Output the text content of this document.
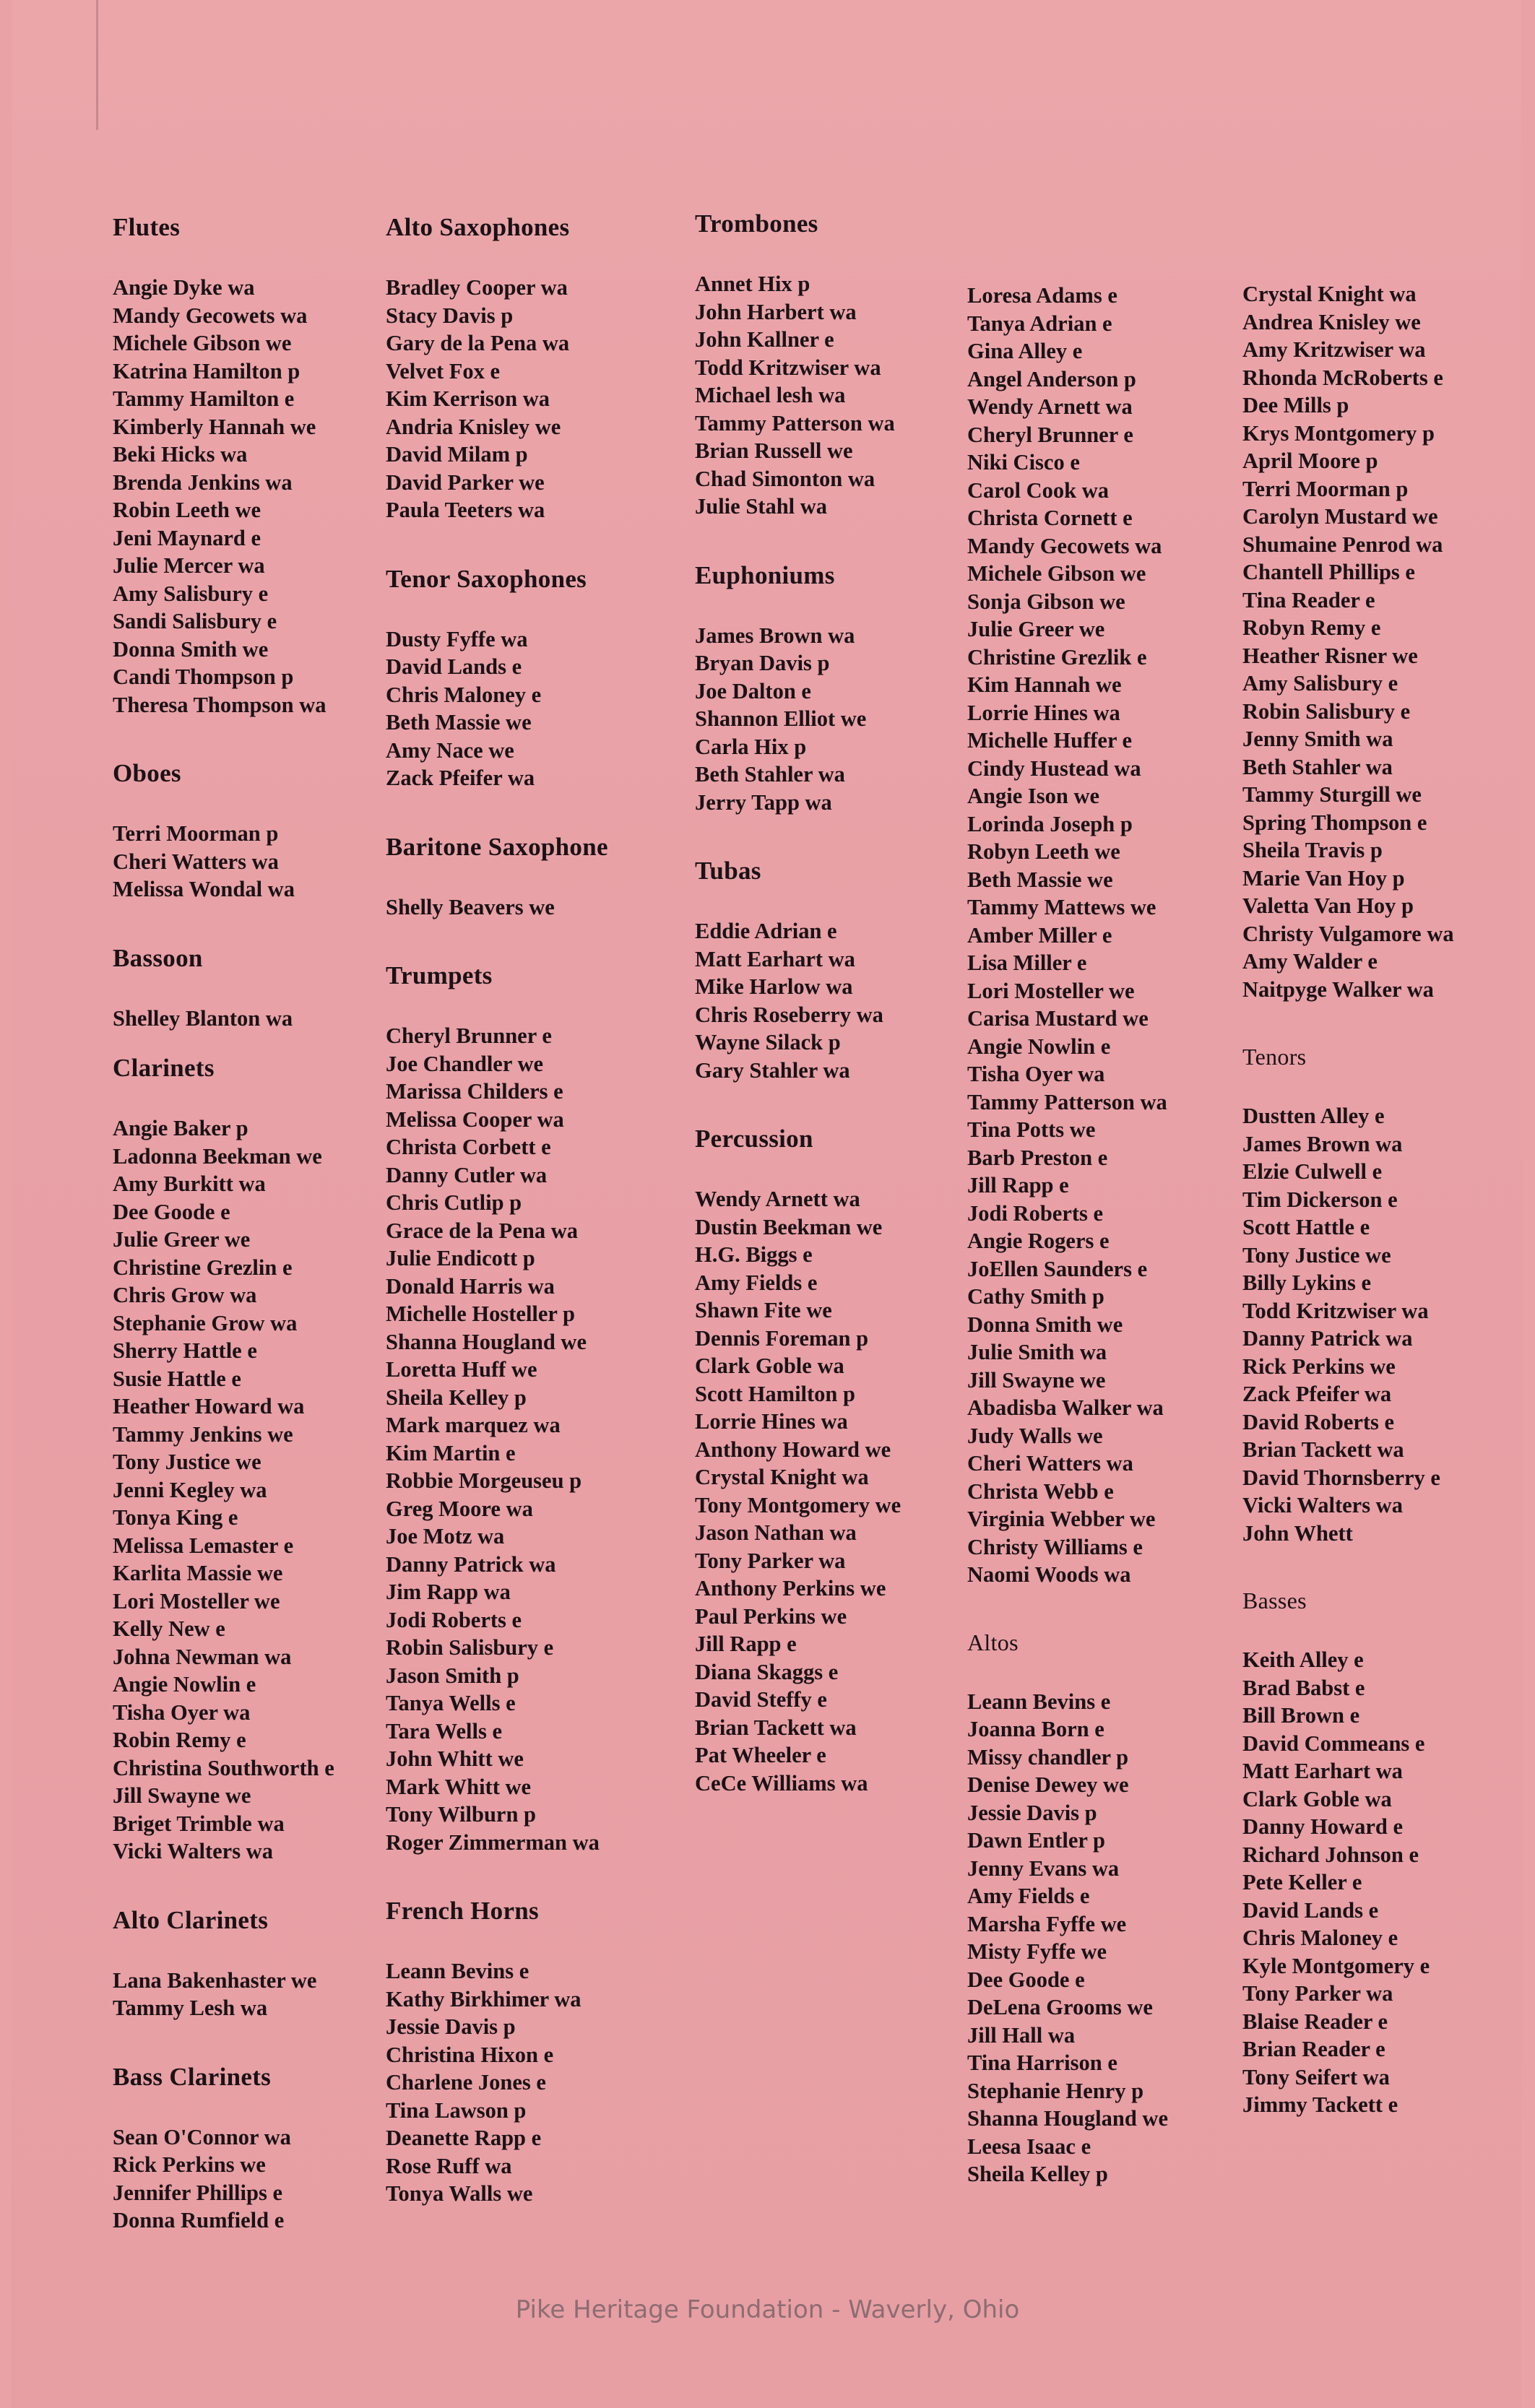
Flutes
Angie Dyke wa
Mandy Gecowets wa
Michele Gibson we
Katrina Hamilton p
Tammy Hamilton e
Kimberly Hannah we
Beki Hicks wa
Brenda Jenkins wa
Robin Leeth we
Jeni Maynard e
Julie Mercer wa
Amy Salisbury e
Sandi Salisbury e
Donna Smith we
Candi Thompson p
Theresa Thompson wa
Oboes
Terri Moorman p
Cheri Watters wa
Melissa Wondal wa
Bassoon
Shelley Blanton wa
Clarinets
Angie Baker p
Ladonna Beekman we
Amy Burkitt wa
Dee Goode e
Julie Greer we
Christine Grezlin e
Chris Grow wa
Stephanie Grow wa
Sherry Hattle e
Susie Hattle e
Heather Howard wa
Tammy Jenkins we
Tony Justice we
Jenni Kegley wa
Tonya King e
Melissa Lemaster e
Karlita Massie we
Lori Mosteller we
Kelly New e
Johna Newman wa
Angie Nowlin e
Tisha Oyer wa
Robin Remy e
Christina Southworth e
Jill Swayne we
Briget Trimble wa
Vicki Walters wa
Alto Clarinets
Lana Bakenhaster we
Tammy Lesh wa
Bass Clarinets
Sean O'Connor wa
Rick Perkins we
Jennifer Phillips e
Donna Rumfield e
Alto Saxophones
Bradley Cooper wa
Stacy Davis p
Gary de la Pena wa
Velvet Fox e
Kim Kerrison wa
Andria Knisley we
David Milam p
David Parker we
Paula Teeters wa
Tenor Saxophones
Dusty Fyffe wa
David Lands e
Chris Maloney e
Beth Massie we
Amy Nace we
Zack Pfeifer wa
Baritone Saxophone
Shelly Beavers we
Trumpets
Cheryl Brunner e
Joe Chandler we
Marissa Childers e
Melissa Cooper wa
Christa Corbett e
Danny Cutler wa
Chris Cutlip p
Grace de la Pena wa
Julie Endicott p
Donald Harris wa
Michelle Hosteller p
Shanna Hougland we
Loretta Huff we
Sheila Kelley p
Mark marquez wa
Kim Martin e
Robbie Morgeuseu p
Greg Moore wa
Joe Motz wa
Danny Patrick wa
Jim Rapp wa
Jodi Roberts e
Robin Salisbury e
Jason Smith p
Tanya Wells e
Tara Wells e
John Whitt we
Mark Whitt we
Tony Wilburn p
Roger Zimmerman wa
French Horns
Leann Bevins e
Kathy Birkhimer wa
Jessie Davis p
Christina Hixon e
Charlene Jones e
Tina Lawson p
Deanette Rapp e
Rose Ruff wa
Tonya Walls we
Trombones
Annet Hix p
John Harbert wa
John Kallner e
Todd Kritzwiser wa
Michael lesh wa
Tammy Patterson wa
Brian Russell we
Chad Simonton wa
Julie Stahl wa
Euphoniums
James Brown wa
Bryan Davis p
Joe Dalton e
Shannon Elliot we
Carla Hix p
Beth Stahler wa
Jerry Tapp wa
Tubas
Eddie Adrian e
Matt Earhart wa
Mike Harlow wa
Chris Roseberry wa
Wayne Silack p
Gary Stahler wa
Percussion
Wendy Arnett wa
Dustin Beekman we
H.G. Biggs e
Amy Fields e
Shawn Fite we
Dennis Foreman p
Clark Goble wa
Scott Hamilton p
Lorrie Hines wa
Anthony Howard we
Crystal Knight wa
Tony Montgomery we
Jason Nathan wa
Tony Parker wa
Anthony Perkins we
Paul Perkins we
Jill Rapp e
Diana Skaggs e
David Steffy e
Brian Tackett wa
Pat Wheeler e
CeCe Williams wa
Loresa Adams e
Tanya Adrian e
Gina Alley e
Angel Anderson p
Wendy Arnett wa
Cheryl Brunner e
Niki Cisco e
Carol Cook wa
Christa Cornett e
Mandy Gecowets wa
Michele Gibson we
Sonja Gibson we
Julie Greer we
Christine Grezlik e
Kim Hannah we
Lorrie Hines wa
Michelle Huffer e
Cindy Hustead wa
Angie Ison we
Lorinda Joseph p
Robyn Leeth we
Beth Massie we
Tammy Mattews we
Amber Miller e
Lisa Miller e
Lori Mosteller we
Carisa Mustard we
Angie Nowlin e
Tisha Oyer wa
Tammy Patterson wa
Tina Potts we
Barb Preston e
Jill Rapp e
Jodi Roberts e
Angie Rogers e
JoEllen Saunders e
Cathy Smith p
Donna Smith we
Julie Smith wa
Jill Swayne we
Abadisba Walker wa
Judy Walls we
Cheri Watters wa
Christa Webb e
Virginia Webber we
Christy Williams e
Naomi Woods wa
Altos
Leann Bevins e
Joanna Born e
Missy chandler p
Denise Dewey we
Jessie Davis p
Dawn Entler p
Jenny Evans wa
Amy Fields e
Marsha Fyffe we
Misty Fyffe we
Dee Goode e
DeLena Grooms we
Jill Hall wa
Tina Harrison e
Stephanie Henry p
Shanna Hougland we
Leesa Isaac e
Sheila Kelley p
Crystal Knight wa
Andrea Knisley we
Amy Kritzwiser wa
Rhonda McRoberts e
Dee Mills p
Krys Montgomery p
April Moore p
Terri Moorman p
Carolyn Mustard we
Shumaine Penrod wa
Chantell Phillips e
Tina Reader e
Robyn Remy e
Heather Risner we
Amy Salisbury e
Robin Salisbury e
Jenny Smith wa
Beth Stahler wa
Tammy Sturgill we
Spring Thompson e
Sheila Travis p
Marie Van Hoy p
Valetta Van Hoy p
Christy Vulgamore wa
Amy Walder e
Naitpyge Walker wa
Tenors
Dustten Alley e
James Brown wa
Elzie Culwell e
Tim Dickerson e
Scott Hattle e
Tony Justice we
Billy Lykins e
Todd Kritzwiser wa
Danny Patrick wa
Rick Perkins we
Zack Pfeifer wa
David Roberts e
Brian Tackett wa
David Thornsberry e
Vicki Walters wa
John Whett
Basses
Keith Alley e
Brad Babst e
Bill Brown e
David Commeans e
Matt Earhart wa
Clark Goble wa
Danny Howard e
Richard Johnson e
Pete Keller e
David Lands e
Chris Maloney e
Kyle Montgomery e
Tony Parker wa
Blaise Reader e
Brian Reader e
Tony Seifert wa
Jimmy Tackett e
Pike Heritage Foundation - Waverly, Ohio
